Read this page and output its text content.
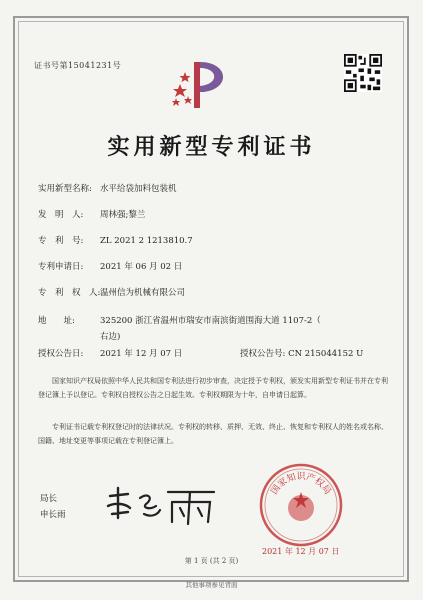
证书号第15041231号
实用新型专利证书
实用新型名称: 水平给袋加料包装机
发　明　人: 周林强;黎兰
专　利　号: ZL 2021 2 1213810.7
专利申请日: 2021 年 06 月 02 日
专　利　权　人:温州信为机械有限公司
地　　址:	325200 浙江省温州市瑞安市南滨街道围海大道 1107-2（
右边)
授权公告日: 2021 年 12 月 07 日	授权公告号: CN 215044152 U
国家知识产权局依照中华人民共和国专利法进行初步审查，决定授予专利权，颁发实用新型专利证书并在专利登记簿上予以登记。专利权自授权公告之日起生效。专利权期限为十年，自申请日起算。
专利证书记载专利权登记时的法律状况。专利权的转移、质押、无效、终止、恢复和专利权人的姓名或名称、国籍、地址变更等事项记载在专利登记簿上。
局长
申长雨
国家知识产权局
2021 年 12 月 07 日
第 1 页 (共 2 页)
其他事项参见背面
